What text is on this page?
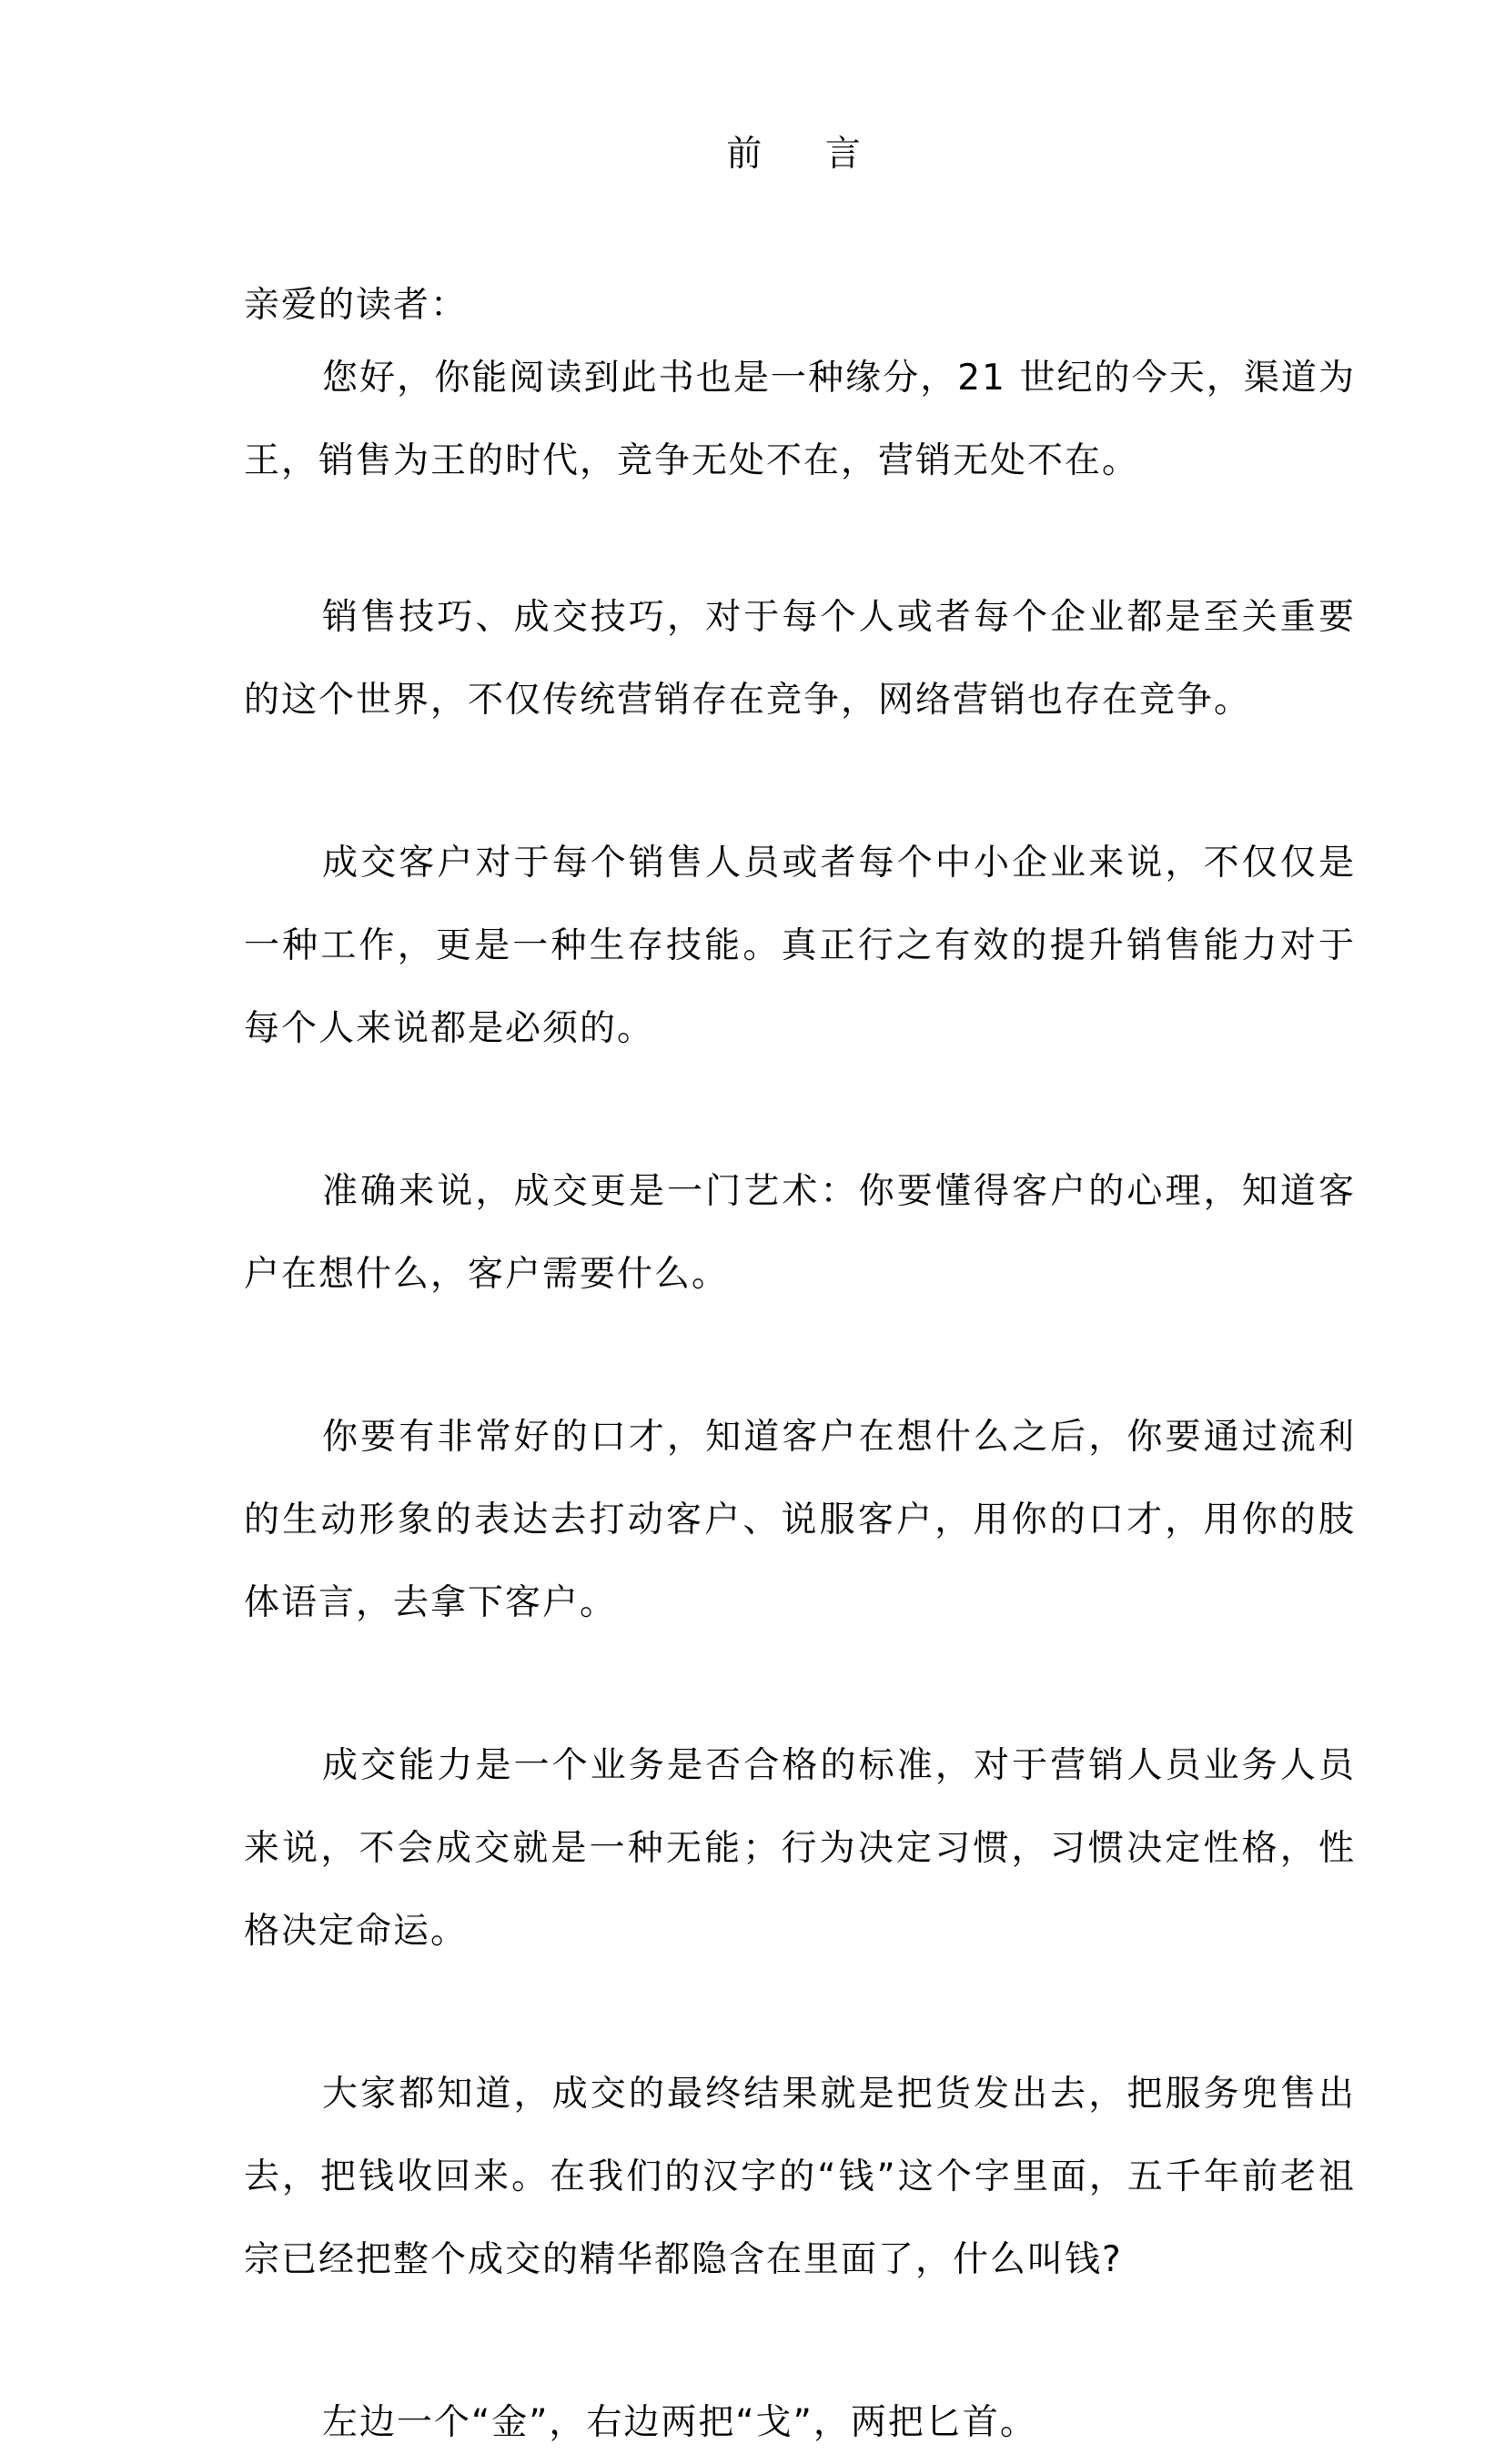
前    言

亲爱的读者：

您好，你能阅读到此书也是一种缘分，21 世纪的今天，渠道为王，销售为王的时代，竞争无处不在，营销无处不在。

销售技巧、成交技巧，对于每个人或者每个企业都是至关重要的这个世界，不仅传统营销存在竞争，网络营销也存在竞争。

成交客户对于每个销售人员或者每个中小企业来说，不仅仅是一种工作，更是一种生存技能。真正行之有效的提升销售能力对于每个人来说都是必须的。

准确来说，成交更是一门艺术：你要懂得客户的心理，知道客户在想什么，客户需要什么。

你要有非常好的口才，知道客户在想什么之后，你要通过流利的生动形象的表达去打动客户、说服客户，用你的口才，用你的肢体语言，去拿下客户。

成交能力是一个业务是否合格的标准，对于营销人员业务人员来说，不会成交就是一种无能；行为决定习惯，习惯决定性格，性格决定命运。

大家都知道，成交的最终结果就是把货发出去，把服务兜售出去，把钱收回来。在我们的汉字的“钱”这个字里面，五千年前老祖宗已经把整个成交的精华都隐含在里面了，什么叫钱?

左边一个“金”，右边两把“戈”，两把匕首。
